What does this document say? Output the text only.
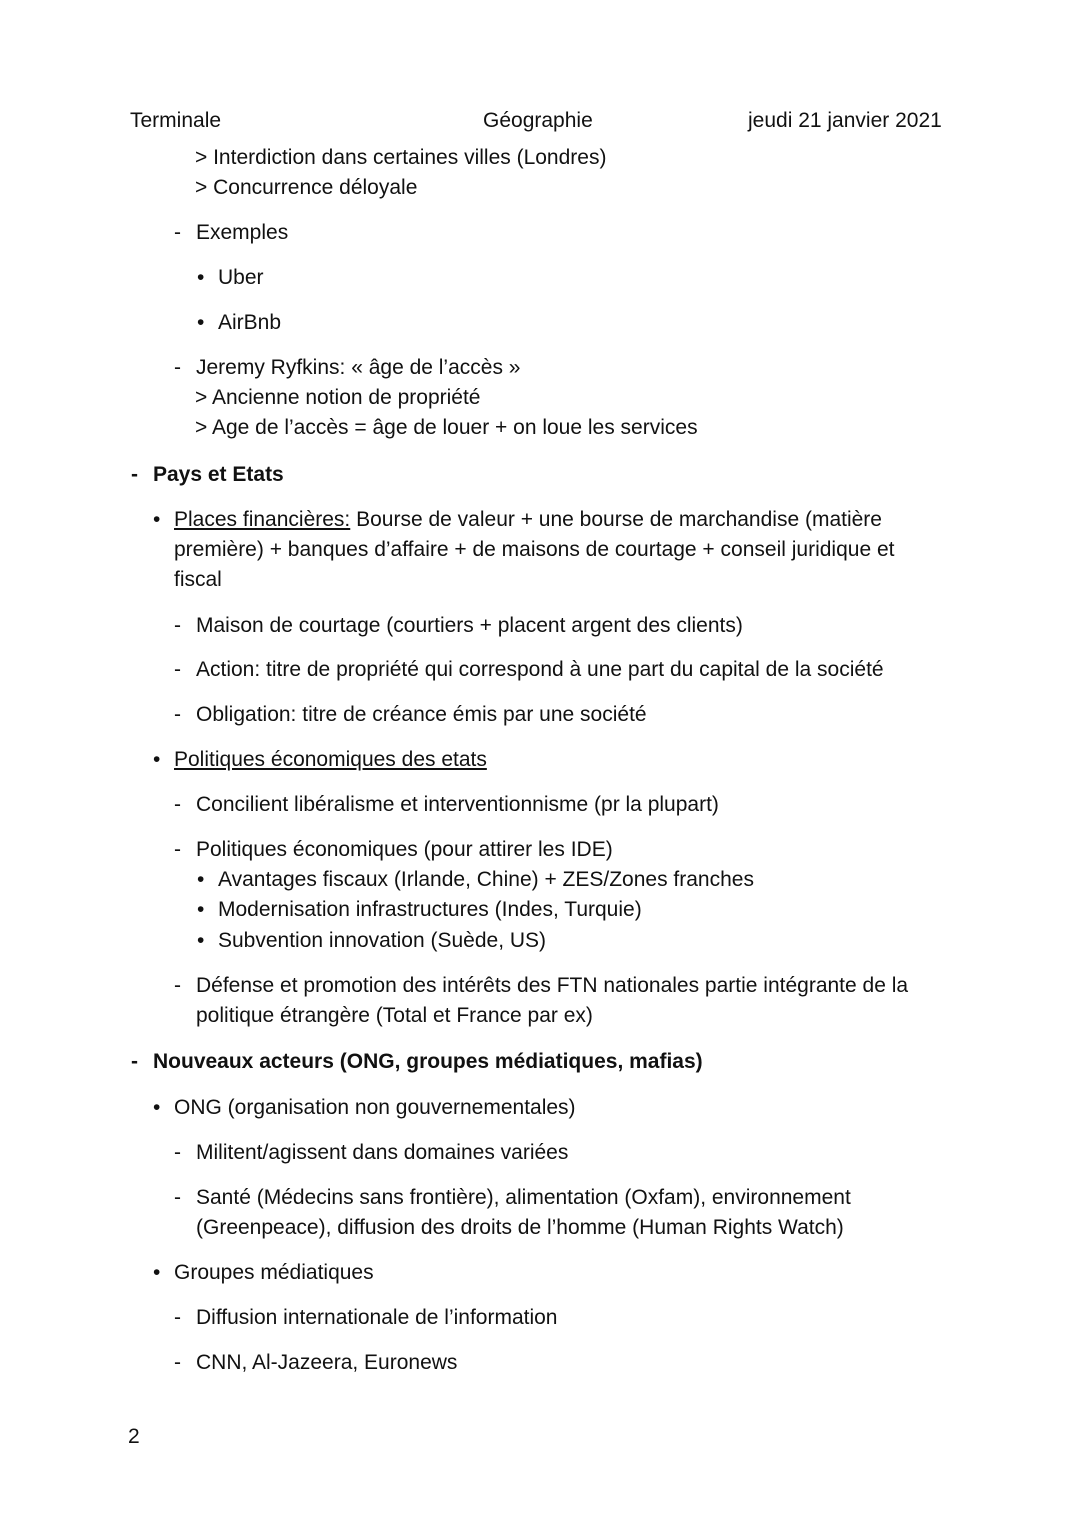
Terminale	Géographie	jeudi 21 janvier 2021
> Interdiction dans certaines villes (Londres)
> Concurrence déloyale
- Exemples
• Uber
• AirBnb
- Jeremy Ryfkins: « âge de l’accès »
> Ancienne notion de propriété
> Age de l’accès = âge de louer + on loue les services
- Pays et Etats
• Places financières: Bourse de valeur + une bourse de marchandise (matière
première) + banques d’affaire + de maisons de courtage + conseil juridique et
fiscal
- Maison de courtage (courtiers + placent argent des clients)
- Action: titre de propriété qui correspond à une part du capital de la société
- Obligation: titre de créance émis par une société
• Politiques économiques des etats
- Concilient libéralisme et interventionnisme (pr la plupart)
- Politiques économiques (pour attirer les IDE)
• Avantages fiscaux (Irlande, Chine) + ZES/Zones franches
• Modernisation infrastructures (Indes, Turquie)
• Subvention innovation (Suède, US)
- Défense et promotion des intérêts des FTN nationales partie intégrante de la
politique étrangère (Total et France par ex)
- Nouveaux acteurs (ONG, groupes médiatiques, mafias)
• ONG (organisation non gouvernementales)
- Militent/agissent dans domaines variées
- Santé (Médecins sans frontière), alimentation (Oxfam), environnement
(Greenpeace), diffusion des droits de l’homme (Human Rights Watch)
• Groupes médiatiques
- Diffusion internationale de l’information
- CNN, Al-Jazeera, Euronews
2
